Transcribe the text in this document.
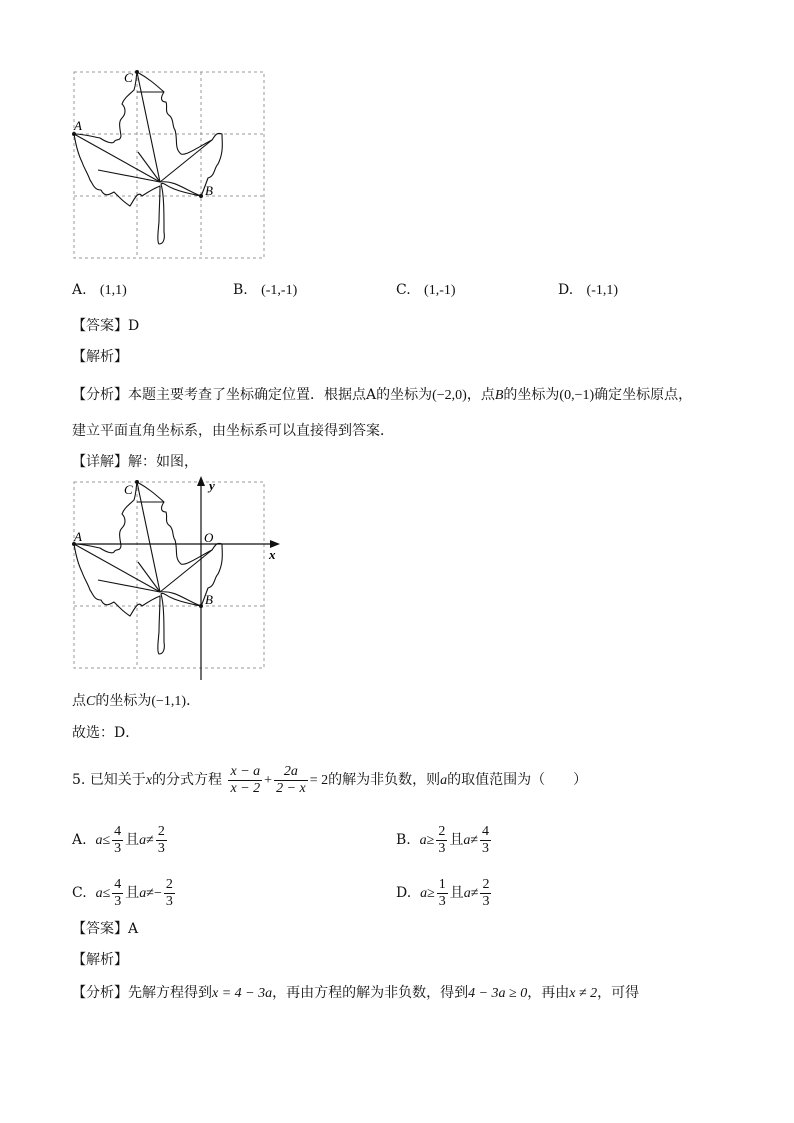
C
A
B
A. (1,1)	B. (-1,-1)	C. (1,-1)	D. (-1,1)
【答案】D
【解析】
【分析】本题主要考查了坐标确定位置．根据点A的坐标为(−2,0)，点B的坐标为(0,−1)确定坐标原点，
建立平面直角坐标系，由坐标系可以直接得到答案．
【详解】解：如图，
C	y
A	O
x
B
点C的坐标为(−1,1)．
故选：D．
5. 已知关于x的分式方程 $\frac{x - a}{x - 2} + \frac{2a}{2 - x} = 2$的解为非负数，则a的取值范围为（　　）
A. $a\le \frac{4}{3}$ 且$a\ne \frac{2}{3}$	B. $a\ge \frac{2}{3}$ 且$a\ne \frac{4}{3}$
C. $a\le \frac{4}{3}$ 且$a\ne- \frac{2}{3}$	D. $a\ge \frac{1}{3}$ 且$a\ne \frac{2}{3}$
【答案】A
【解析】
【分析】先解方程得到x = 4 − 3a，再由方程的解为非负数，得到4 − 3a ≥ 0，再由x ≠ 2，可得
